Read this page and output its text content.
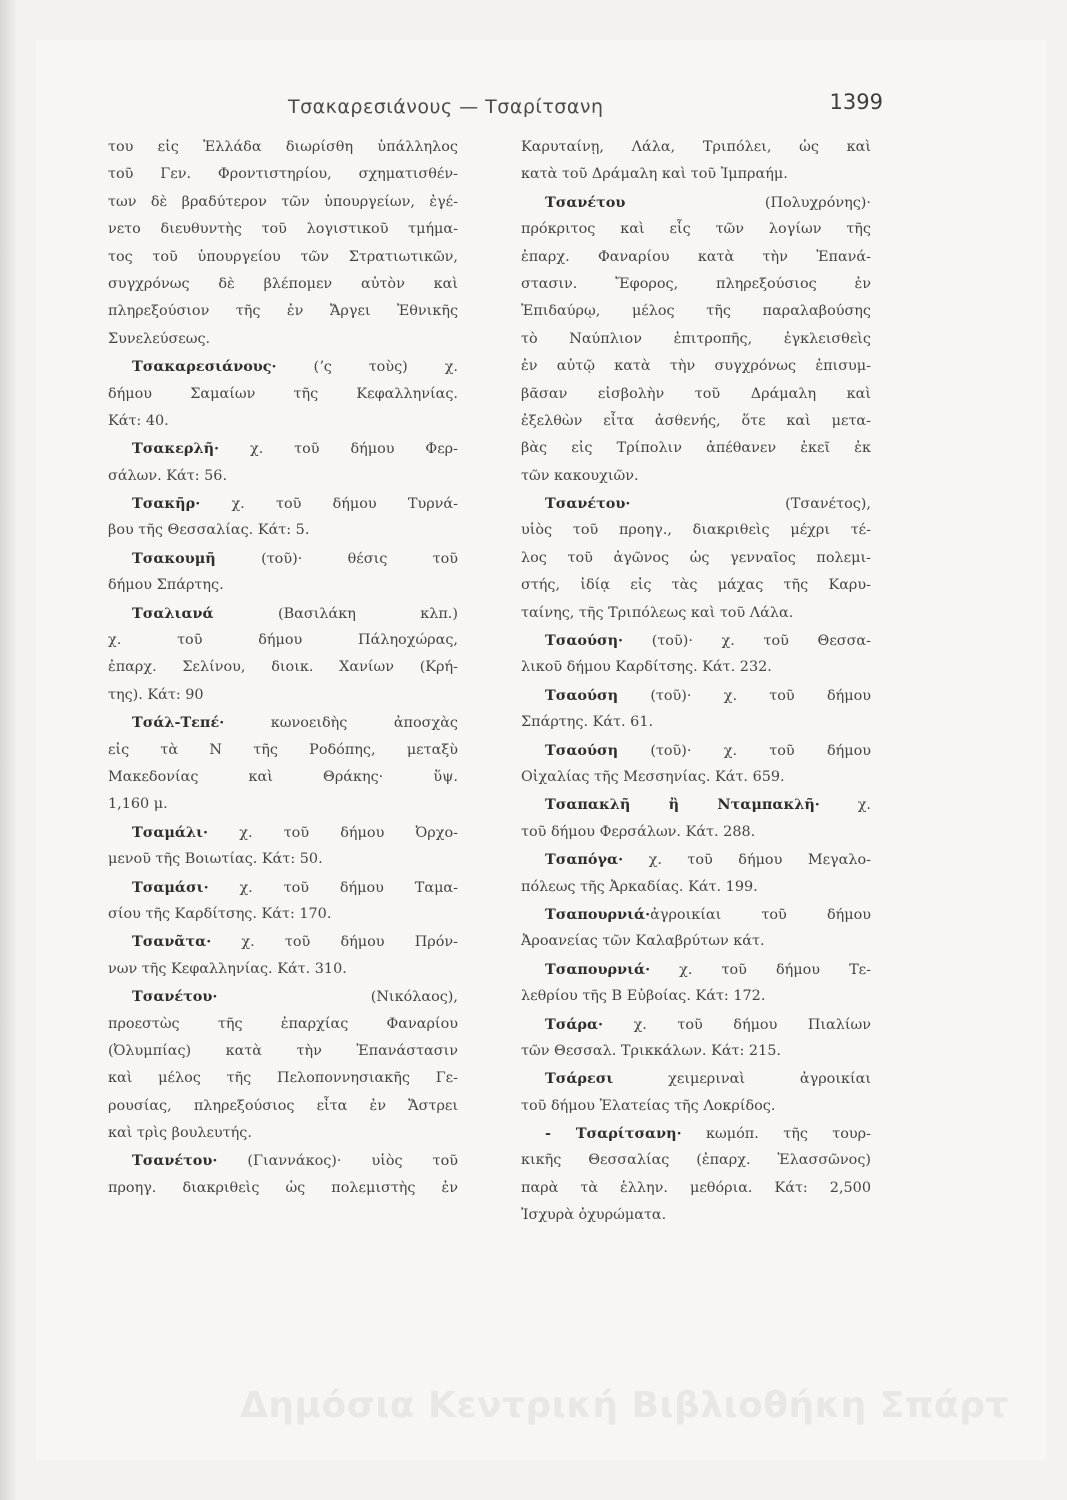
Τσακαρεσιάνους — Τσαρίτσανη	1399
του εἰς Ἑλλάδα διωρίσθη ὑπάλληλος
τοῦ Γεν. Φροντιστηρίου, σχηματισθέν-
των δὲ βραδύτερον τῶν ὑπουργείων, ἐγέ-
νετο διευθυντὴς τοῦ λογιστικοῦ τμήμα-
τος τοῦ ὑπουργείου τῶν Στρατιωτικῶν,
συγχρόνως δὲ βλέπομεν αὐτὸν καὶ
πληρεξούσιον τῆς ἐν Ἄργει Ἐθνικῆς
Συνελεύσεως.
Τσακαρεσιάνους· (ʼς τοὺς) χ.
δήμου Σαμαίων τῆς Κεφαλληνίας.
Κάτ: 40.
Τσακερλῆ· χ. τοῦ δήμου Φερ-
σάλων. Κάτ: 56.
Τσακῆρ· χ. τοῦ δήμου Τυρνά-
βου τῆς Θεσσαλίας. Κάτ: 5.
Τσακουμῆ (τοῦ)· θέσις τοῦ
δήμου Σπάρτης.
Τσαλιανά (Βασιλάκη κλπ.)
χ. τοῦ δήμου Πάληοχώρας,
ἐπαρχ. Σελίνου, διοικ. Χανίων (Κρή-
της). Κάτ: 90
Τσάλ-Τεπέ· κωνοειδὴς ἀποσχὰς
εἰς τὰ Ν τῆς Ροδόπης, μεταξὺ
Μακεδονίας καὶ Θράκης· ὕψ.
1,160 μ.
Τσαμάλι· χ. τοῦ δήμου Ὀρχο-
μενοῦ τῆς Βοιωτίας. Κάτ: 50.
Τσαμάσι· χ. τοῦ δήμου Ταμα-
σίου τῆς Καρδίτσης. Κάτ: 170.
Τσανᾶτα· χ. τοῦ δήμου Πρόν-
νων τῆς Κεφαλληνίας. Κάτ. 310.
Τσανέτου· (Νικόλαος),
προεστὼς τῆς ἐπαρχίας Φαναρίου
(Ὀλυμπίας) κατὰ τὴν Ἐπανάστασιν
καὶ μέλος τῆς Πελοποννησιακῆς Γε-
ρουσίας, πληρεξούσιος εἶτα ἐν Ἄστρει
καὶ τρὶς βουλευτής.
Τσανέτου· (Γιαννάκος)· υἱὸς τοῦ
προηγ. διακριθεὶς ὡς πολεμιστὴς ἐν
Καρυταίνῃ, Λάλα, Τριπόλει, ὡς καὶ
κατὰ τοῦ Δράμαλη καὶ τοῦ Ἰμπραήμ.
Τσανέτου (Πολυχρόνης)·
πρόκριτος καὶ εἷς τῶν λογίων τῆς
ἐπαρχ. Φαναρίου κατὰ τὴν Ἐπανά-
στασιν. Ἔφορος, πληρεξούσιος ἐν
Ἐπιδαύρῳ, μέλος τῆς παραλαβούσης
τὸ Ναύπλιον ἐπιτροπῆς, ἐγκλεισθεὶς
ἐν αὐτῷ κατὰ τὴν συγχρόνως ἐπισυμ-
βᾶσαν εἰσβολὴν τοῦ Δράμαλη καὶ
ἐξελθὼν εἶτα ἀσθενής, ὅτε καὶ μετα-
βὰς εἰς Τρίπολιν ἀπέθανεν ἐκεῖ ἐκ
τῶν κακουχιῶν.
Τσανέτου· (Τσανέτος),
υἱὸς τοῦ προηγ., διακριθεὶς μέχρι τέ-
λος τοῦ ἀγῶνος ὡς γενναῖος πολεμι-
στής, ἰδίᾳ εἰς τὰς μάχας τῆς Καρυ-
ταίνης, τῆς Τριπόλεως καὶ τοῦ Λάλα.
Τσαούση· (τοῦ)· χ. τοῦ Θεσσα-
λικοῦ δήμου Καρδίτσης. Κάτ. 232.
Τσαούση (τοῦ)· χ. τοῦ δήμου
Σπάρτης. Κάτ. 61.
Τσαούση (τοῦ)· χ. τοῦ δήμου
Οἰχαλίας τῆς Μεσσηνίας. Κάτ. 659.
Τσαπακλῆ ἢ Νταμπακλῆ· χ.
τοῦ δήμου Φερσάλων. Κάτ. 288.
Τσαπόγα· χ. τοῦ δήμου Μεγαλο-
πόλεως τῆς Ἀρκαδίας. Κάτ. 199.
Τσαπουρνιά·ἀγροικίαι τοῦ δήμου
Ἀροανείας τῶν Καλαβρύτων κάτ.
Τσαπουρνιά· χ. τοῦ δήμου Τε-
λεθρίου τῆς Β Εὐβοίας. Κάτ: 172.
Τσάρα· χ. τοῦ δήμου Πιαλίων
τῶν Θεσσαλ. Τρικκάλων. Κάτ: 215.
Τσάρεσι χειμεριναὶ ἀγροικίαι
τοῦ δήμου Ἐλατείας τῆς Λοκρίδος.
- Τσαρίτσανη· κωμόπ. τῆς τουρ-
κικῆς Θεσσαλίας (ἐπαρχ. Ἐλασσῶνος)
παρὰ τὰ ἑλλην. μεθόρια. Κάτ: 2,500
Ἰσχυρὰ ὀχυρώματα.
Δημόσια Κεντρική Βιβλιοθήκη Σπάρτ
